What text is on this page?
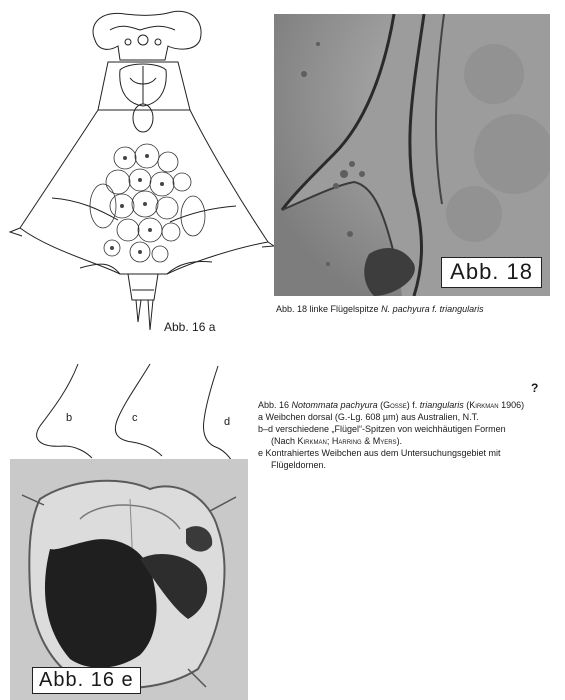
Abb. 16 a
Abb. 18
Abb. 18 linke Flügelspitze N. pachyura f. triangularis
b	c	d
?
Abb. 16 Notommata pachyura (Gosse) f. triangularis (Kirkman 1906)
a Weibchen dorsal (G.-Lg. 608 µm) aus Australien, N.T.
b–d verschiedene „Flügel“-Spitzen von weichhäutigen Formen
(Nach Kirkman; Harring & Myers).
e Kontrahiertes Weibchen aus dem Untersuchungsgebiet mit
Flügeldornen.
Abb. 16 e
